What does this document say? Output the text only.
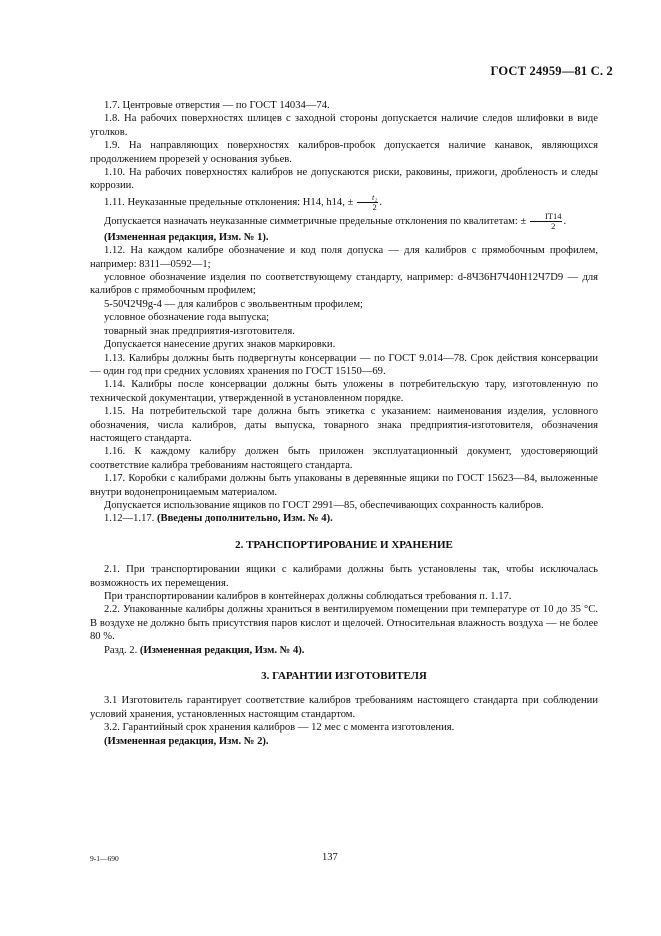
ГОСТ 24959—81 С. 2

1.7. Центровые отверстия — по ГОСТ 14034—74.

1.8. На рабочих поверхностях шлицев с заходной стороны допускается наличие следов шлифовки в виде уголков.

1.9. На направляющих поверхностях калибров-пробок допускается наличие канавок, являющихся продолжением прорезей у основания зубьев.

1.10. На рабочих поверхностях калибров не допускаются риски, раковины, прижоги, дробленость и следы коррозии.

1.11. Неуказанные предельные отклонения: H14, h14, ± $\frac{\text{t₂}}{2}$ .

Допускается назначать неуказанные симметричные предельные отклонения по квалитетам: ± $\frac{IT14}{2}$ .

(Измененная редакция, Изм. № 1).

1.12. На каждом калибре обозначение и код поля допуска — для калибров с прямобочным профилем, например: 8311—0592—1;

условное обозначение изделия по соответствующему стандарту, например: d-8Ч36Н7Ч40Н12Ч7D9 — для калибров с прямобочным профилем;

5-50Ч2Ч9g-4 — для калибров с эвольвентным профилем;

условное обозначение года выпуска;

товарный знак предприятия-изготовителя.

Допускается нанесение других знаков маркировки.

1.13. Калибры должны быть подвергнуты консервации — по ГОСТ 9.014—78. Срок действия консервации — один год при средних условиях хранения по ГОСТ 15150—69.

1.14. Калибры после консервации должны быть уложены в потребительскую тару, изготовленную по технической документации, утвержденной в установленном порядке.

1.15. На потребительской таре должна быть этикетка с указанием: наименования изделия, условного обозначения, числа калибров, даты выпуска, товарного знака предприятия-изготовителя, обозначения настоящего стандарта.

1.16. К каждому калибру должен быть приложен эксплуатационный документ, удостоверяющий соответствие калибра требованиям настоящего стандарта.

1.17. Коробки с калибрами должны быть упакованы в деревянные ящики по ГОСТ 15623—84, выложенные внутри водонепроницаемым материалом.

Допускается использование ящиков по ГОСТ 2991—85, обеспечивающих сохранность калибров.

1.12—1.17. (Введены дополнительно, Изм. № 4).

2. ТРАНСПОРТИРОВАНИЕ И ХРАНЕНИЕ

2.1. При транспортировании ящики с калибрами должны быть установлены так, чтобы исключалась возможность их перемещения.

При транспортировании калибров в контейнерах должны соблюдаться требования п. 1.17.

2.2. Упакованные калибры должны храниться в вентилируемом помещении при температуре от 10 до 35 °С. В воздухе не должно быть присутствия паров кислот и щелочей. Относительная влажность воздуха — не более 80 %.

Разд. 2. (Измененная редакция, Изм. № 4).

3. ГАРАНТИИ ИЗГОТОВИТЕЛЯ

3.1 Изготовитель гарантирует соответствие калибров требованиям настоящего стандарта при соблюдении условий хранения, установленных настоящим стандартом.

3.2. Гарантийный срок хранения калибров — 12 мес с момента изготовления.

(Измененная редакция, Изм. № 2).

9-1—690	137
